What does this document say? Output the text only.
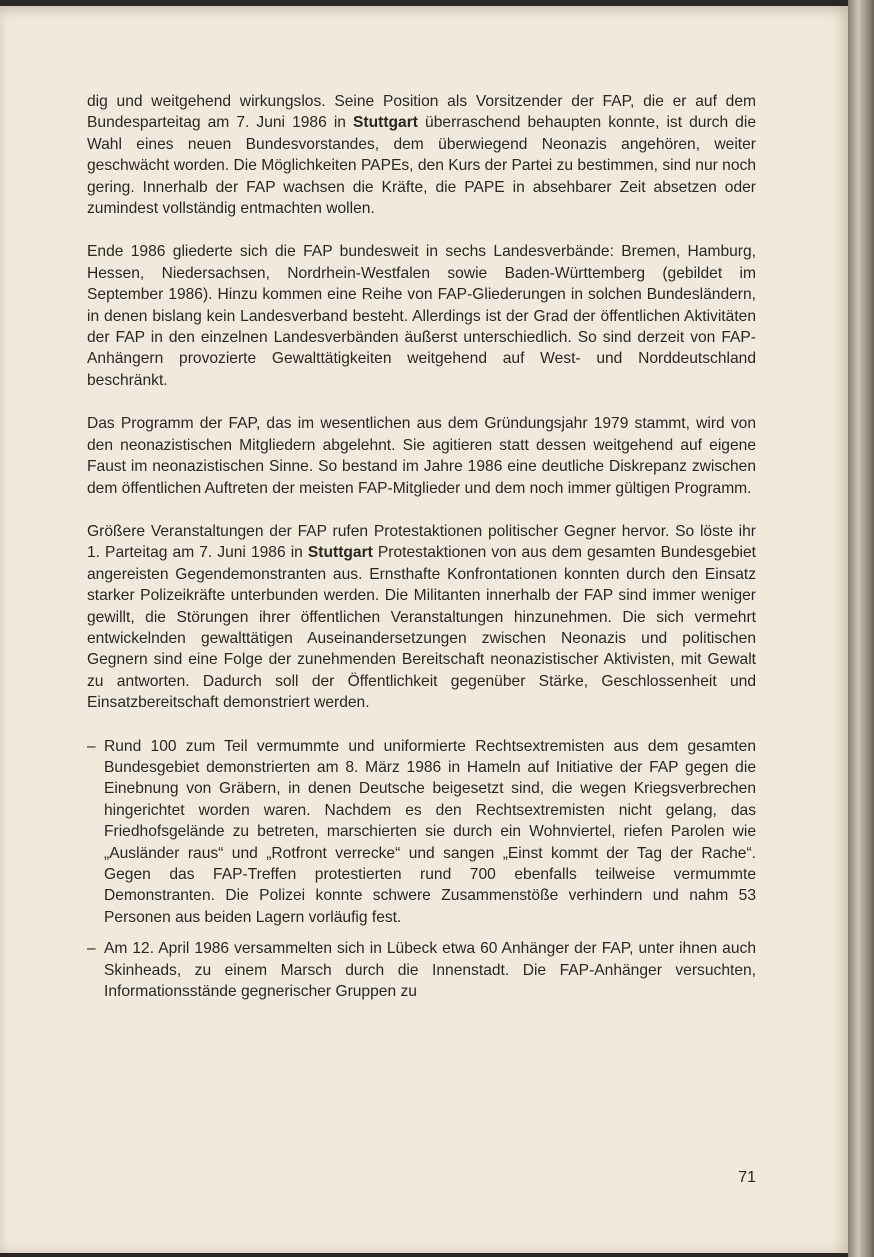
dig und weitgehend wirkungslos. Seine Position als Vorsitzender der FAP, die er auf dem Bundesparteitag am 7. Juni 1986 in Stuttgart überraschend behaupten konnte, ist durch die Wahl eines neuen Bundesvorstandes, dem überwiegend Neonazis angehören, weiter geschwächt worden. Die Möglichkeiten PAPEs, den Kurs der Partei zu bestimmen, sind nur noch gering. Innerhalb der FAP wachsen die Kräfte, die PAPE in absehbarer Zeit absetzen oder zumindest vollständig entmachten wollen.

Ende 1986 gliederte sich die FAP bundesweit in sechs Landesverbände: Bremen, Hamburg, Hessen, Niedersachsen, Nordrhein-Westfalen sowie Baden-Württemberg (gebildet im September 1986). Hinzu kommen eine Reihe von FAP-Gliederungen in solchen Bundesländern, in denen bislang kein Landesverband besteht. Allerdings ist der Grad der öffentlichen Aktivitäten der FAP in den einzelnen Landesverbänden äußerst unterschiedlich. So sind derzeit von FAP-Anhängern provozierte Gewalttätigkeiten weitgehend auf West- und Norddeutschland beschränkt.

Das Programm der FAP, das im wesentlichen aus dem Gründungsjahr 1979 stammt, wird von den neonazistischen Mitgliedern abgelehnt. Sie agitieren statt dessen weitgehend auf eigene Faust im neonazistischen Sinne. So bestand im Jahre 1986 eine deutliche Diskrepanz zwischen dem öffentlichen Auftreten der meisten FAP-Mitglieder und dem noch immer gültigen Programm.

Größere Veranstaltungen der FAP rufen Protestaktionen politischer Gegner hervor. So löste ihr 1. Parteitag am 7. Juni 1986 in Stuttgart Protestaktionen von aus dem gesamten Bundesgebiet angereisten Gegendemonstranten aus. Ernsthafte Konfrontationen konnten durch den Einsatz starker Polizeikräfte unterbunden werden. Die Militanten innerhalb der FAP sind immer weniger gewillt, die Störungen ihrer öffentlichen Veranstaltungen hinzunehmen. Die sich vermehrt entwickelnden gewalttätigen Auseinandersetzungen zwischen Neonazis und politischen Gegnern sind eine Folge der zunehmenden Bereitschaft neonazistischer Aktivisten, mit Gewalt zu antworten. Dadurch soll der Öffentlichkeit gegenüber Stärke, Geschlossenheit und Einsatzbereitschaft demonstriert werden.

– Rund 100 zum Teil vermummte und uniformierte Rechtsextremisten aus dem gesamten Bundesgebiet demonstrierten am 8. März 1986 in Hameln auf Initiative der FAP gegen die Einebnung von Gräbern, in denen Deutsche beigesetzt sind, die wegen Kriegsverbrechen hingerichtet worden waren. Nachdem es den Rechtsextremisten nicht gelang, das Friedhofsgelände zu betreten, marschierten sie durch ein Wohnviertel, riefen Parolen wie „Ausländer raus“ und „Rotfront verrecke“ und sangen „Einst kommt der Tag der Rache“. Gegen das FAP-Treffen protestierten rund 700 ebenfalls teilweise vermummte Demonstranten. Die Polizei konnte schwere Zusammenstöße verhindern und nahm 53 Personen aus beiden Lagern vorläufig fest.
– Am 12. April 1986 versammelten sich in Lübeck etwa 60 Anhänger der FAP, unter ihnen auch Skinheads, zu einem Marsch durch die Innenstadt. Die FAP-Anhänger versuchten, Informationsstände gegnerischer Gruppen zu
71
